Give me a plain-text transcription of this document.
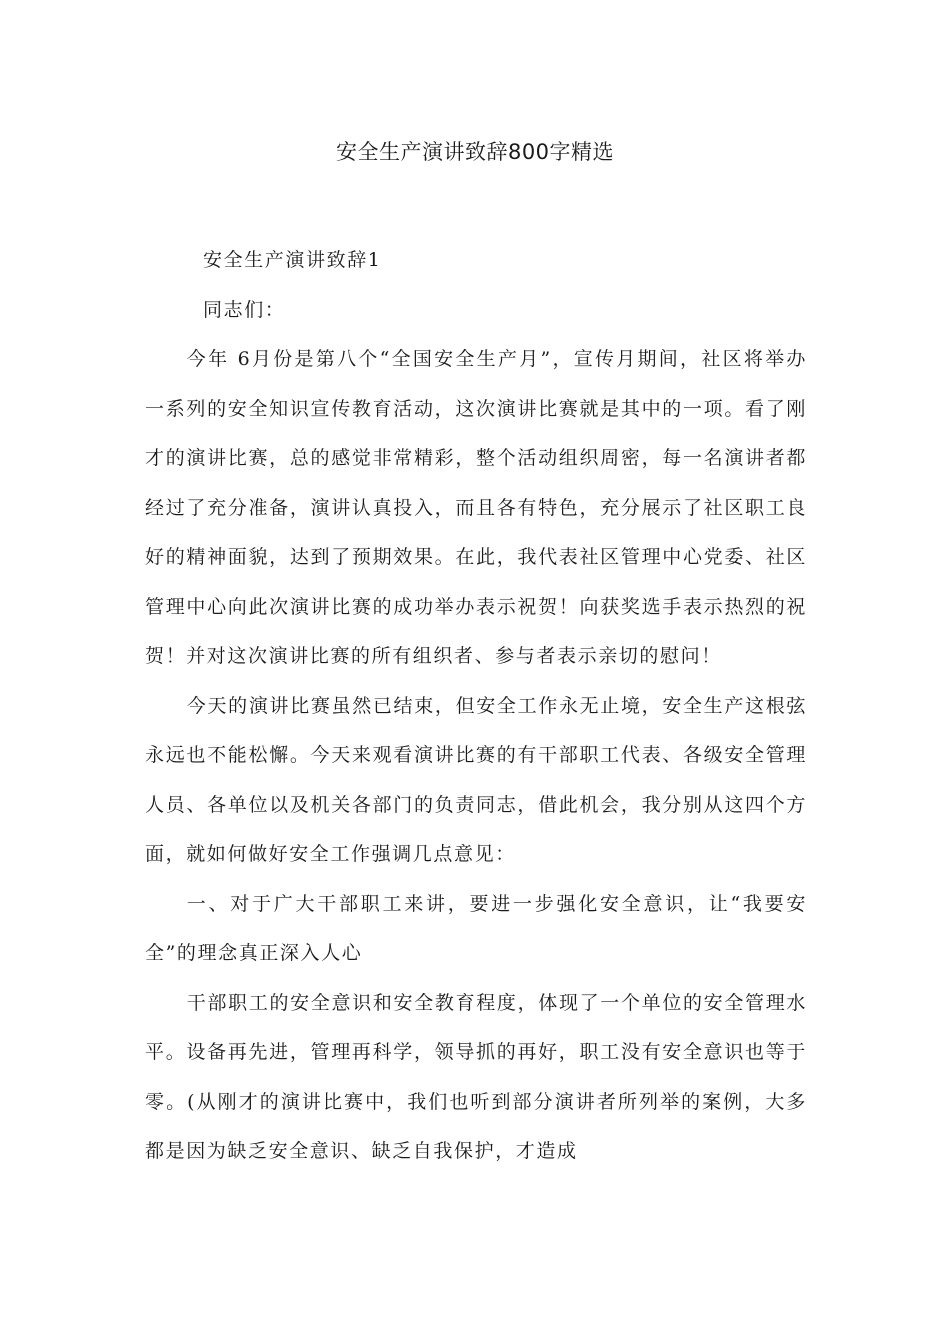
安全生产演讲致辞800字精选

安全生产演讲致辞1

同志们：

今年 6月份是第八个“全国安全生产月”，宣传月期间，社区将举办一系列的安全知识宣传教育活动，这次演讲比赛就是其中的一项。看了刚才的演讲比赛，总的感觉非常精彩，整个活动组织周密，每一名演讲者都经过了充分准备，演讲认真投入，而且各有特色，充分展示了社区职工良好的精神面貌，达到了预期效果。在此，我代表社区管理中心党委、社区管理中心向此次演讲比赛的成功举办表示祝贺！向获奖选手表示热烈的祝贺！并对这次演讲比赛的所有组织者、参与者表示亲切的慰问！

今天的演讲比赛虽然已结束，但安全工作永无止境，安全生产这根弦永远也不能松懈。今天来观看演讲比赛的有干部职工代表、各级安全管理人员、各单位以及机关各部门的负责同志，借此机会，我分别从这四个方面，就如何做好安全工作强调几点意见：

一、对于广大干部职工来讲，要进一步强化安全意识，让“我要安全”的理念真正深入人心

干部职工的安全意识和安全教育程度，体现了一个单位的安全管理水平。设备再先进，管理再科学，领导抓的再好，职工没有安全意识也等于零。(从刚才的演讲比赛中，我们也听到部分演讲者所列举的案例，大多都是因为缺乏安全意识、缺乏自我保护，才造成
